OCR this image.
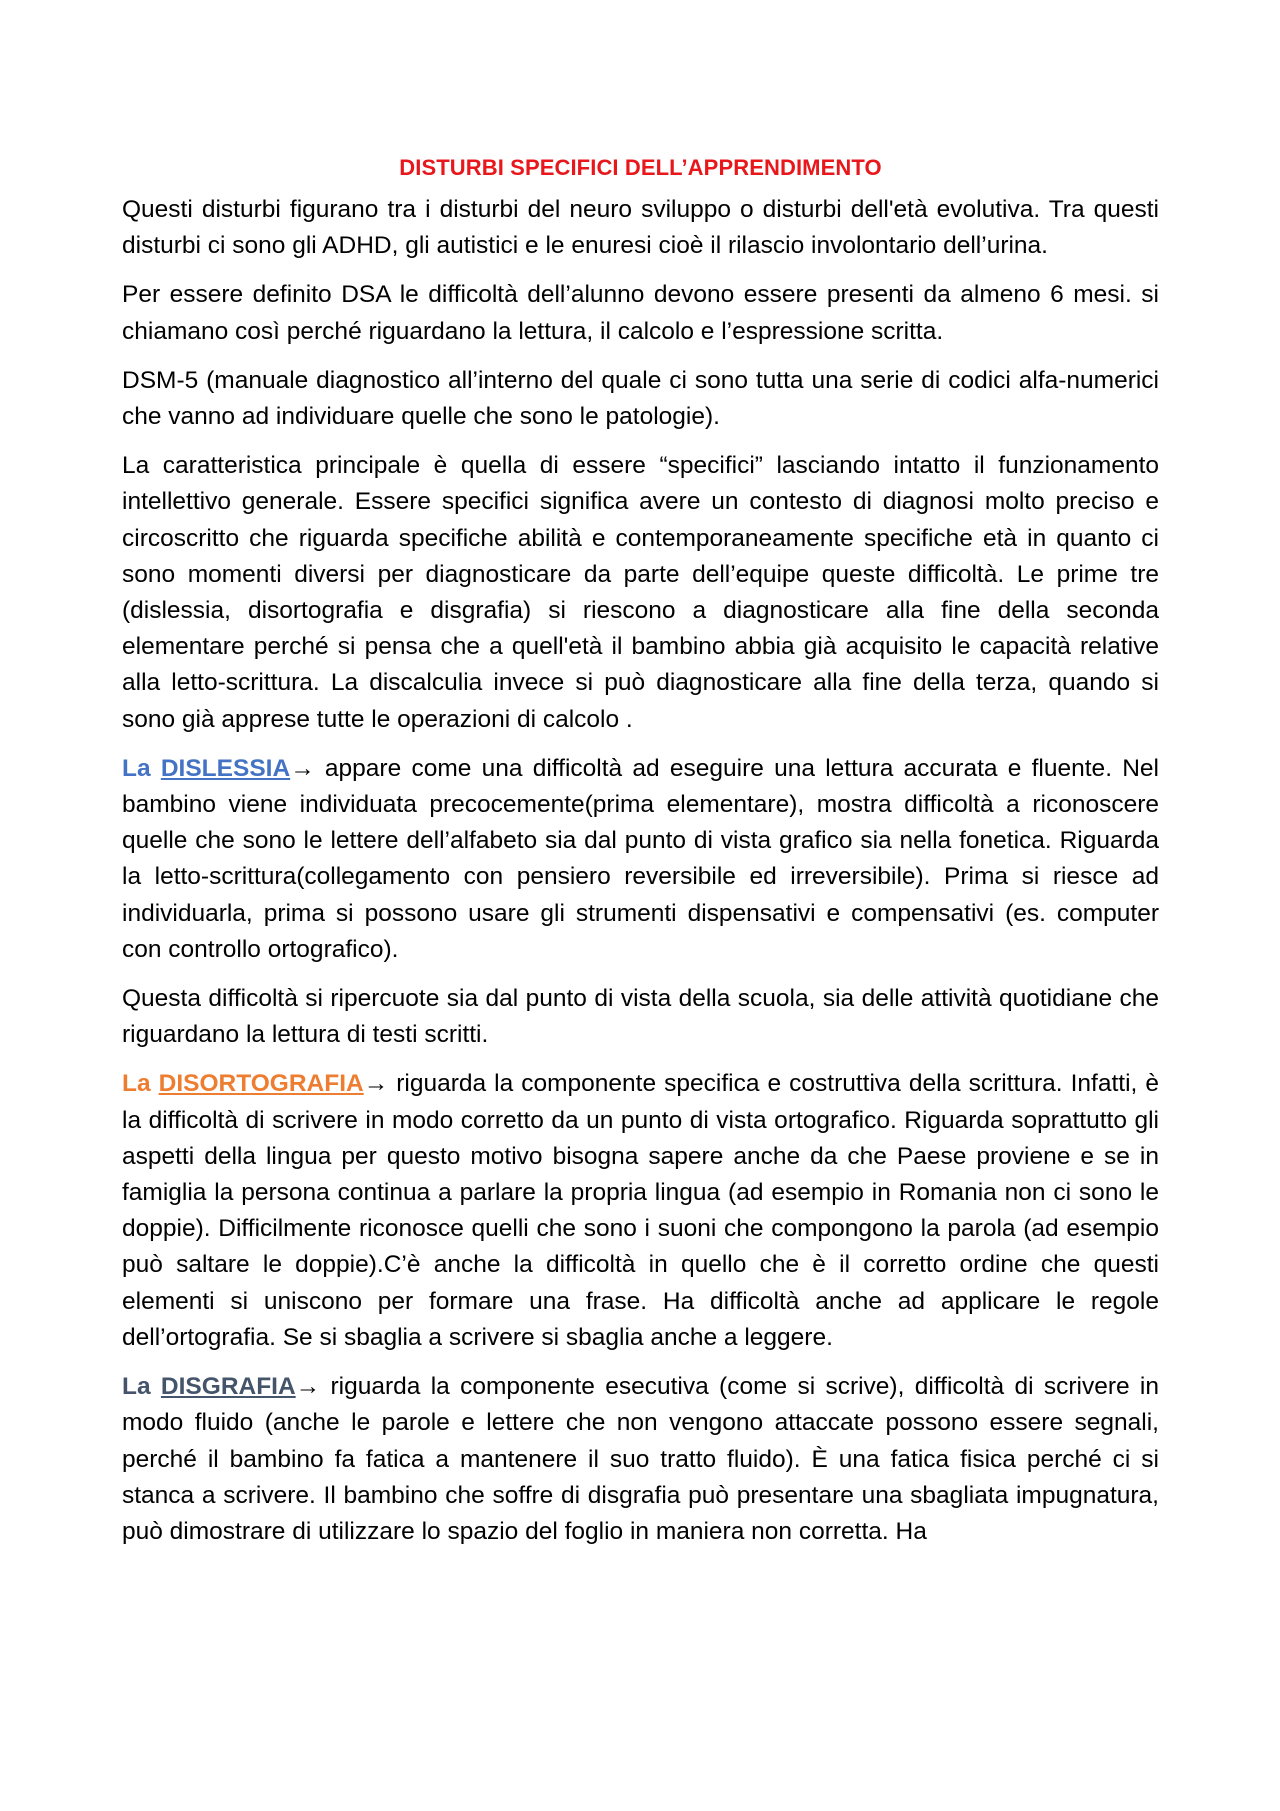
DISTURBI SPECIFICI DELL’APPRENDIMENTO

Questi disturbi figurano tra i disturbi del neuro sviluppo o disturbi dell'età evolutiva. Tra questi disturbi ci sono gli ADHD, gli autistici e le enuresi cioè il rilascio involontario dell’urina.

Per essere definito DSA le difficoltà dell’alunno devono essere presenti da almeno 6 mesi. si chiamano così perché riguardano la lettura, il calcolo e l’espressione scritta.

DSM-5 (manuale diagnostico all’interno del quale ci sono tutta una serie di codici alfa-numerici che vanno ad individuare quelle che sono le patologie).

La caratteristica principale è quella di essere “specifici” lasciando intatto il funzionamento intellettivo generale. Essere specifici significa avere un contesto di diagnosi molto preciso e circoscritto che riguarda specifiche abilità e contemporaneamente specifiche età in quanto ci sono momenti diversi per diagnosticare da parte dell’equipe queste difficoltà. Le prime tre (dislessia, disortografia e disgrafia) si riescono a diagnosticare alla fine della seconda elementare perché si pensa che a quell'età il bambino abbia già acquisito le capacità relative alla letto-scrittura. La discalculia invece si può diagnosticare alla fine della terza, quando si sono già apprese tutte le operazioni di calcolo .

La DISLESSIA→ appare come una difficoltà ad eseguire una lettura accurata e fluente. Nel bambino viene individuata precocemente(prima elementare), mostra difficoltà a riconoscere quelle che sono le lettere dell’alfabeto sia dal punto di vista grafico sia nella fonetica. Riguarda la letto-scrittura(collegamento con pensiero reversibile ed irreversibile). Prima si riesce ad individuarla, prima si possono usare gli strumenti dispensativi e compensativi (es. computer con controllo ortografico).

Questa difficoltà si ripercuote sia dal punto di vista della scuola, sia delle attività quotidiane che riguardano la lettura di testi scritti.

La DISORTOGRAFIA→ riguarda la componente specifica e costruttiva della scrittura. Infatti, è la difficoltà di scrivere in modo corretto da un punto di vista ortografico. Riguarda soprattutto gli aspetti della lingua per questo motivo bisogna sapere anche da che Paese proviene e se in famiglia la persona continua a parlare la propria lingua (ad esempio in Romania non ci sono le doppie). Difficilmente riconosce quelli che sono i suoni che compongono la parola (ad esempio può saltare le doppie).C’è anche la difficoltà in quello che è il corretto ordine che questi elementi si uniscono per formare una frase. Ha difficoltà anche ad applicare le regole dell’ortografia. Se si sbaglia a scrivere si sbaglia anche a leggere.

La DISGRAFIA→ riguarda la componente esecutiva (come si scrive), difficoltà di scrivere in modo fluido (anche le parole e lettere che non vengono attaccate possono essere segnali, perché il bambino fa fatica a mantenere il suo tratto fluido). È una fatica fisica perché ci si stanca a scrivere. Il bambino che soffre di disgrafia può presentare una sbagliata impugnatura, può dimostrare di utilizzare lo spazio del foglio in maniera non corretta. Ha
